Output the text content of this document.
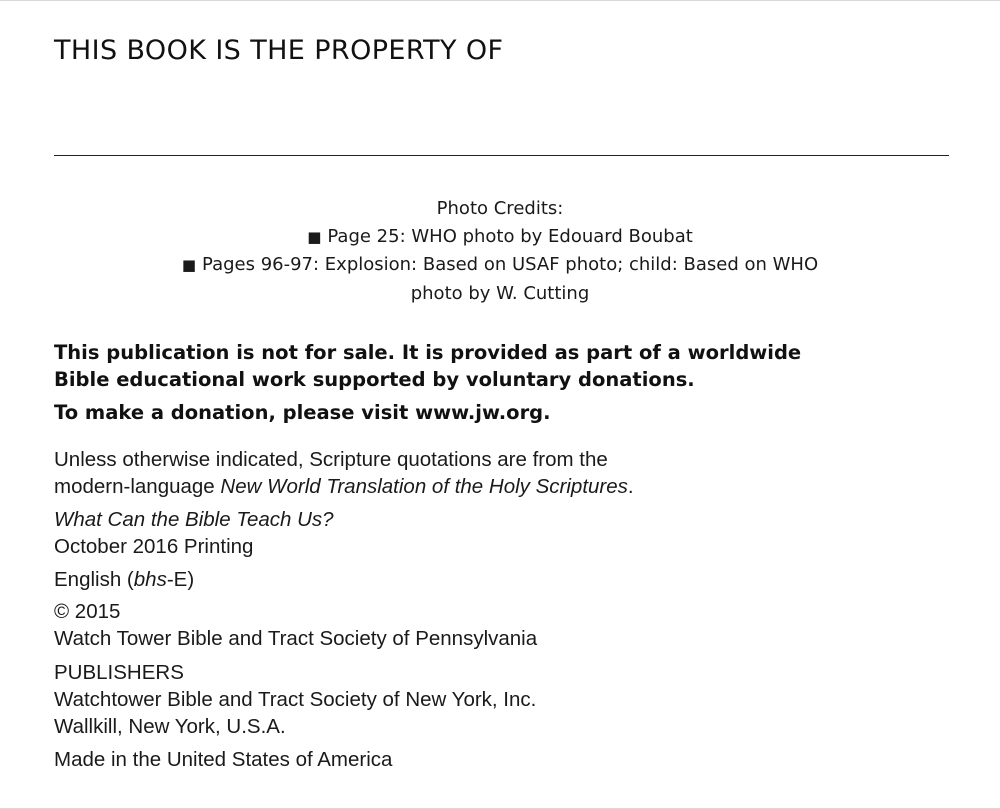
THIS BOOK IS THE PROPERTY OF
Photo Credits:
■ Page 25: WHO photo by Edouard Boubat
■ Pages 96-97: Explosion: Based on USAF photo; child: Based on WHO
photo by W. Cutting
This publication is not for sale. It is provided as part of a worldwide
Bible educational work supported by voluntary donations.
To make a donation, please visit www.jw.org.
Unless otherwise indicated, Scripture quotations are from the
modern-language New World Translation of the Holy Scriptures.
What Can the Bible Teach Us?
October 2016 Printing
English (bhs-E)
© 2015
Watch Tower Bible and Tract Society of Pennsylvania
PUBLISHERS
Watchtower Bible and Tract Society of New York, Inc.
Wallkill, New York, U.S.A.
Made in the United States of America
